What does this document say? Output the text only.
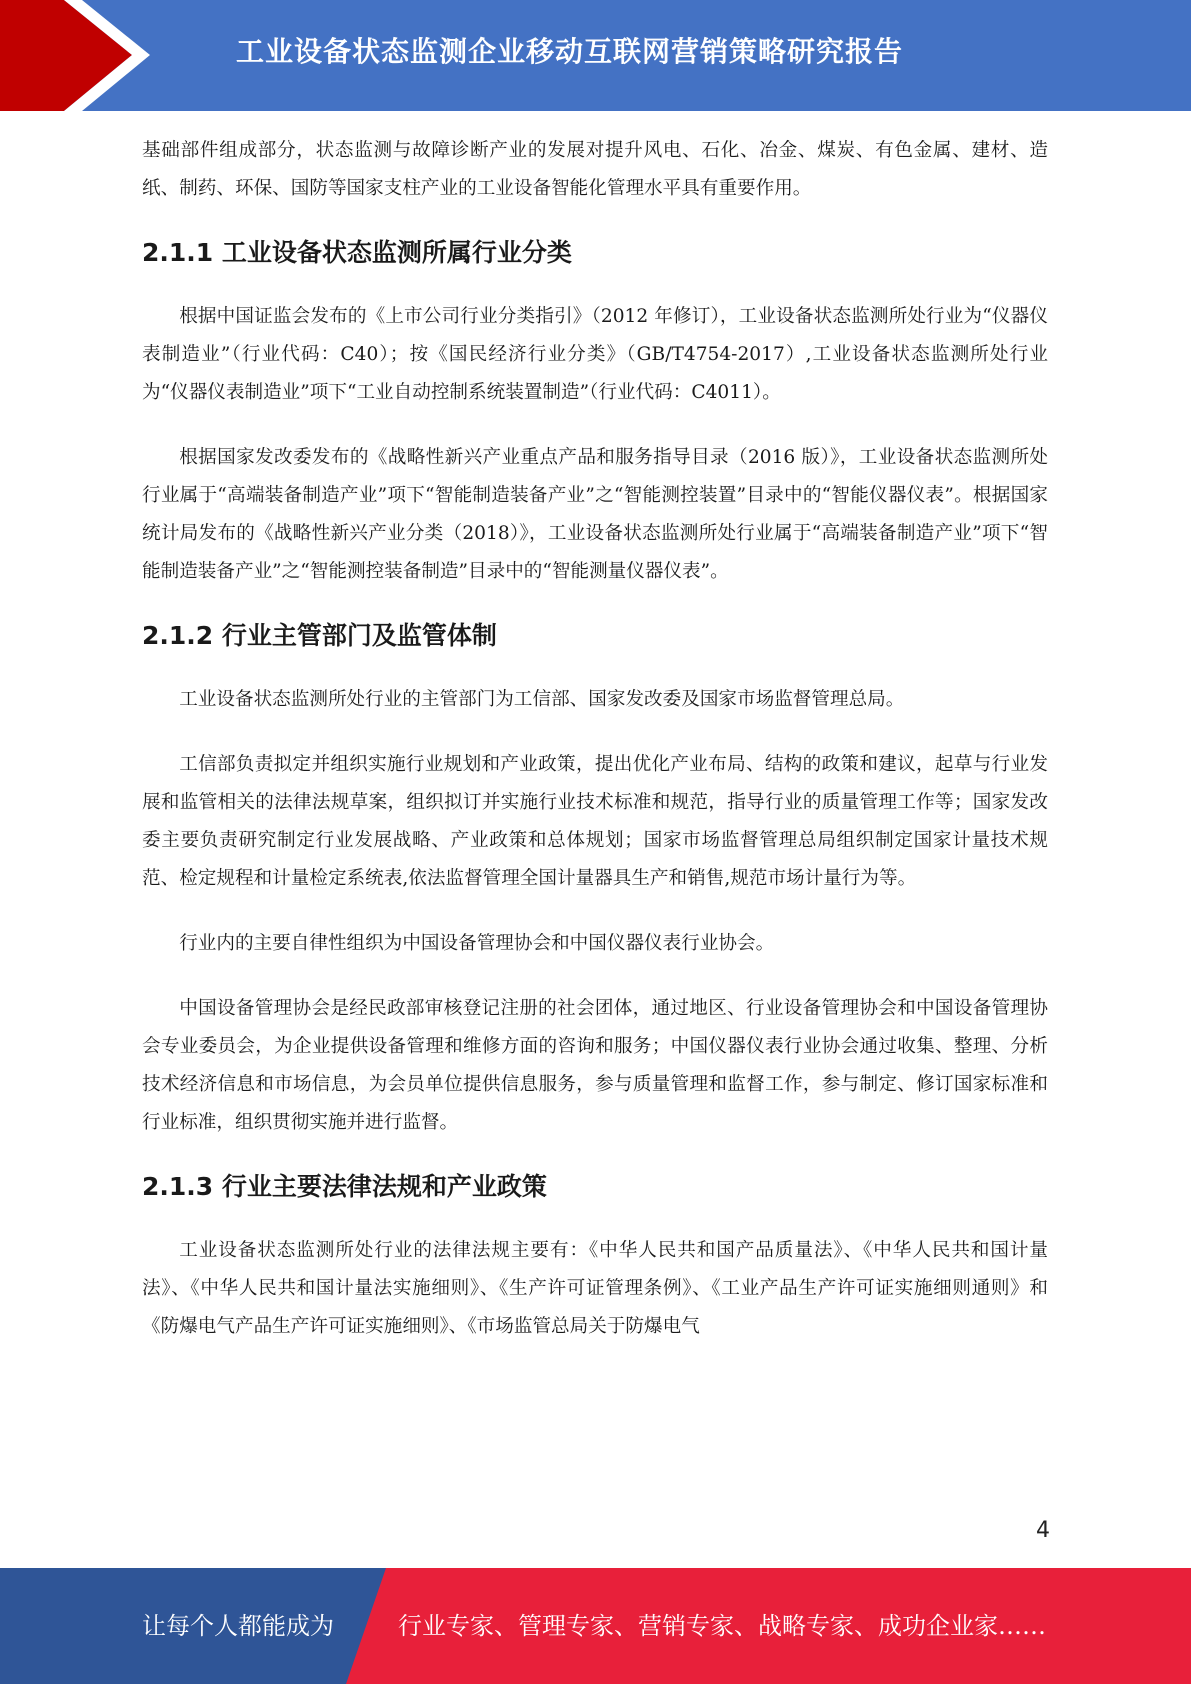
工业设备状态监测企业移动互联网营销策略研究报告

基础部件组成部分，状态监测与故障诊断产业的发展对提升风电、石化、冶金、煤炭、有色金属、建材、造纸、制药、环保、国防等国家支柱产业的工业设备智能化管理水平具有重要作用。

2.1.1 工业设备状态监测所属行业分类

根据中国证监会发布的《上市公司行业分类指引》（2012 年修订），工业设备状态监测所处行业为“仪器仪表制造业”（行业代码：C40）；按《国民经济行业分类》（GB/T4754-2017）,工业设备状态监测所处行业为“仪器仪表制造业”项下“工业自动控制系统装置制造”（行业代码：C4011）。

根据国家发改委发布的《战略性新兴产业重点产品和服务指导目录（2016 版）》，工业设备状态监测所处行业属于“高端装备制造产业”项下“智能制造装备产业”之“智能测控装置”目录中的“智能仪器仪表”。根据国家统计局发布的《战略性新兴产业分类（2018）》，工业设备状态监测所处行业属于“高端装备制造产业”项下“智能制造装备产业”之“智能测控装备制造”目录中的“智能测量仪器仪表”。

2.1.2 行业主管部门及监管体制

工业设备状态监测所处行业的主管部门为工信部、国家发改委及国家市场监督管理总局。

工信部负责拟定并组织实施行业规划和产业政策，提出优化产业布局、结构的政策和建议，起草与行业发展和监管相关的法律法规草案，组织拟订并实施行业技术标准和规范，指导行业的质量管理工作等；国家发改委主要负责研究制定行业发展战略、产业政策和总体规划；国家市场监督管理总局组织制定国家计量技术规范、检定规程和计量检定系统表,依法监督管理全国计量器具生产和销售,规范市场计量行为等。

行业内的主要自律性组织为中国设备管理协会和中国仪器仪表行业协会。

中国设备管理协会是经民政部审核登记注册的社会团体，通过地区、行业设备管理协会和中国设备管理协会专业委员会，为企业提供设备管理和维修方面的咨询和服务；中国仪器仪表行业协会通过收集、整理、分析技术经济信息和市场信息，为会员单位提供信息服务，参与质量管理和监督工作，参与制定、修订国家标准和行业标准，组织贯彻实施并进行监督。

2.1.3 行业主要法律法规和产业政策

工业设备状态监测所处行业的法律法规主要有：《中华人民共和国产品质量法》、《中华人民共和国计量法》、《中华人民共和国计量法实施细则》、《生产许可证管理条例》、《工业产品生产许可证实施细则通则》和《防爆电气产品生产许可证实施细则》、《市场监管总局关于防爆电气

4
让每个人都能成为	行业专家、管理专家、营销专家、战略专家、成功企业家……
